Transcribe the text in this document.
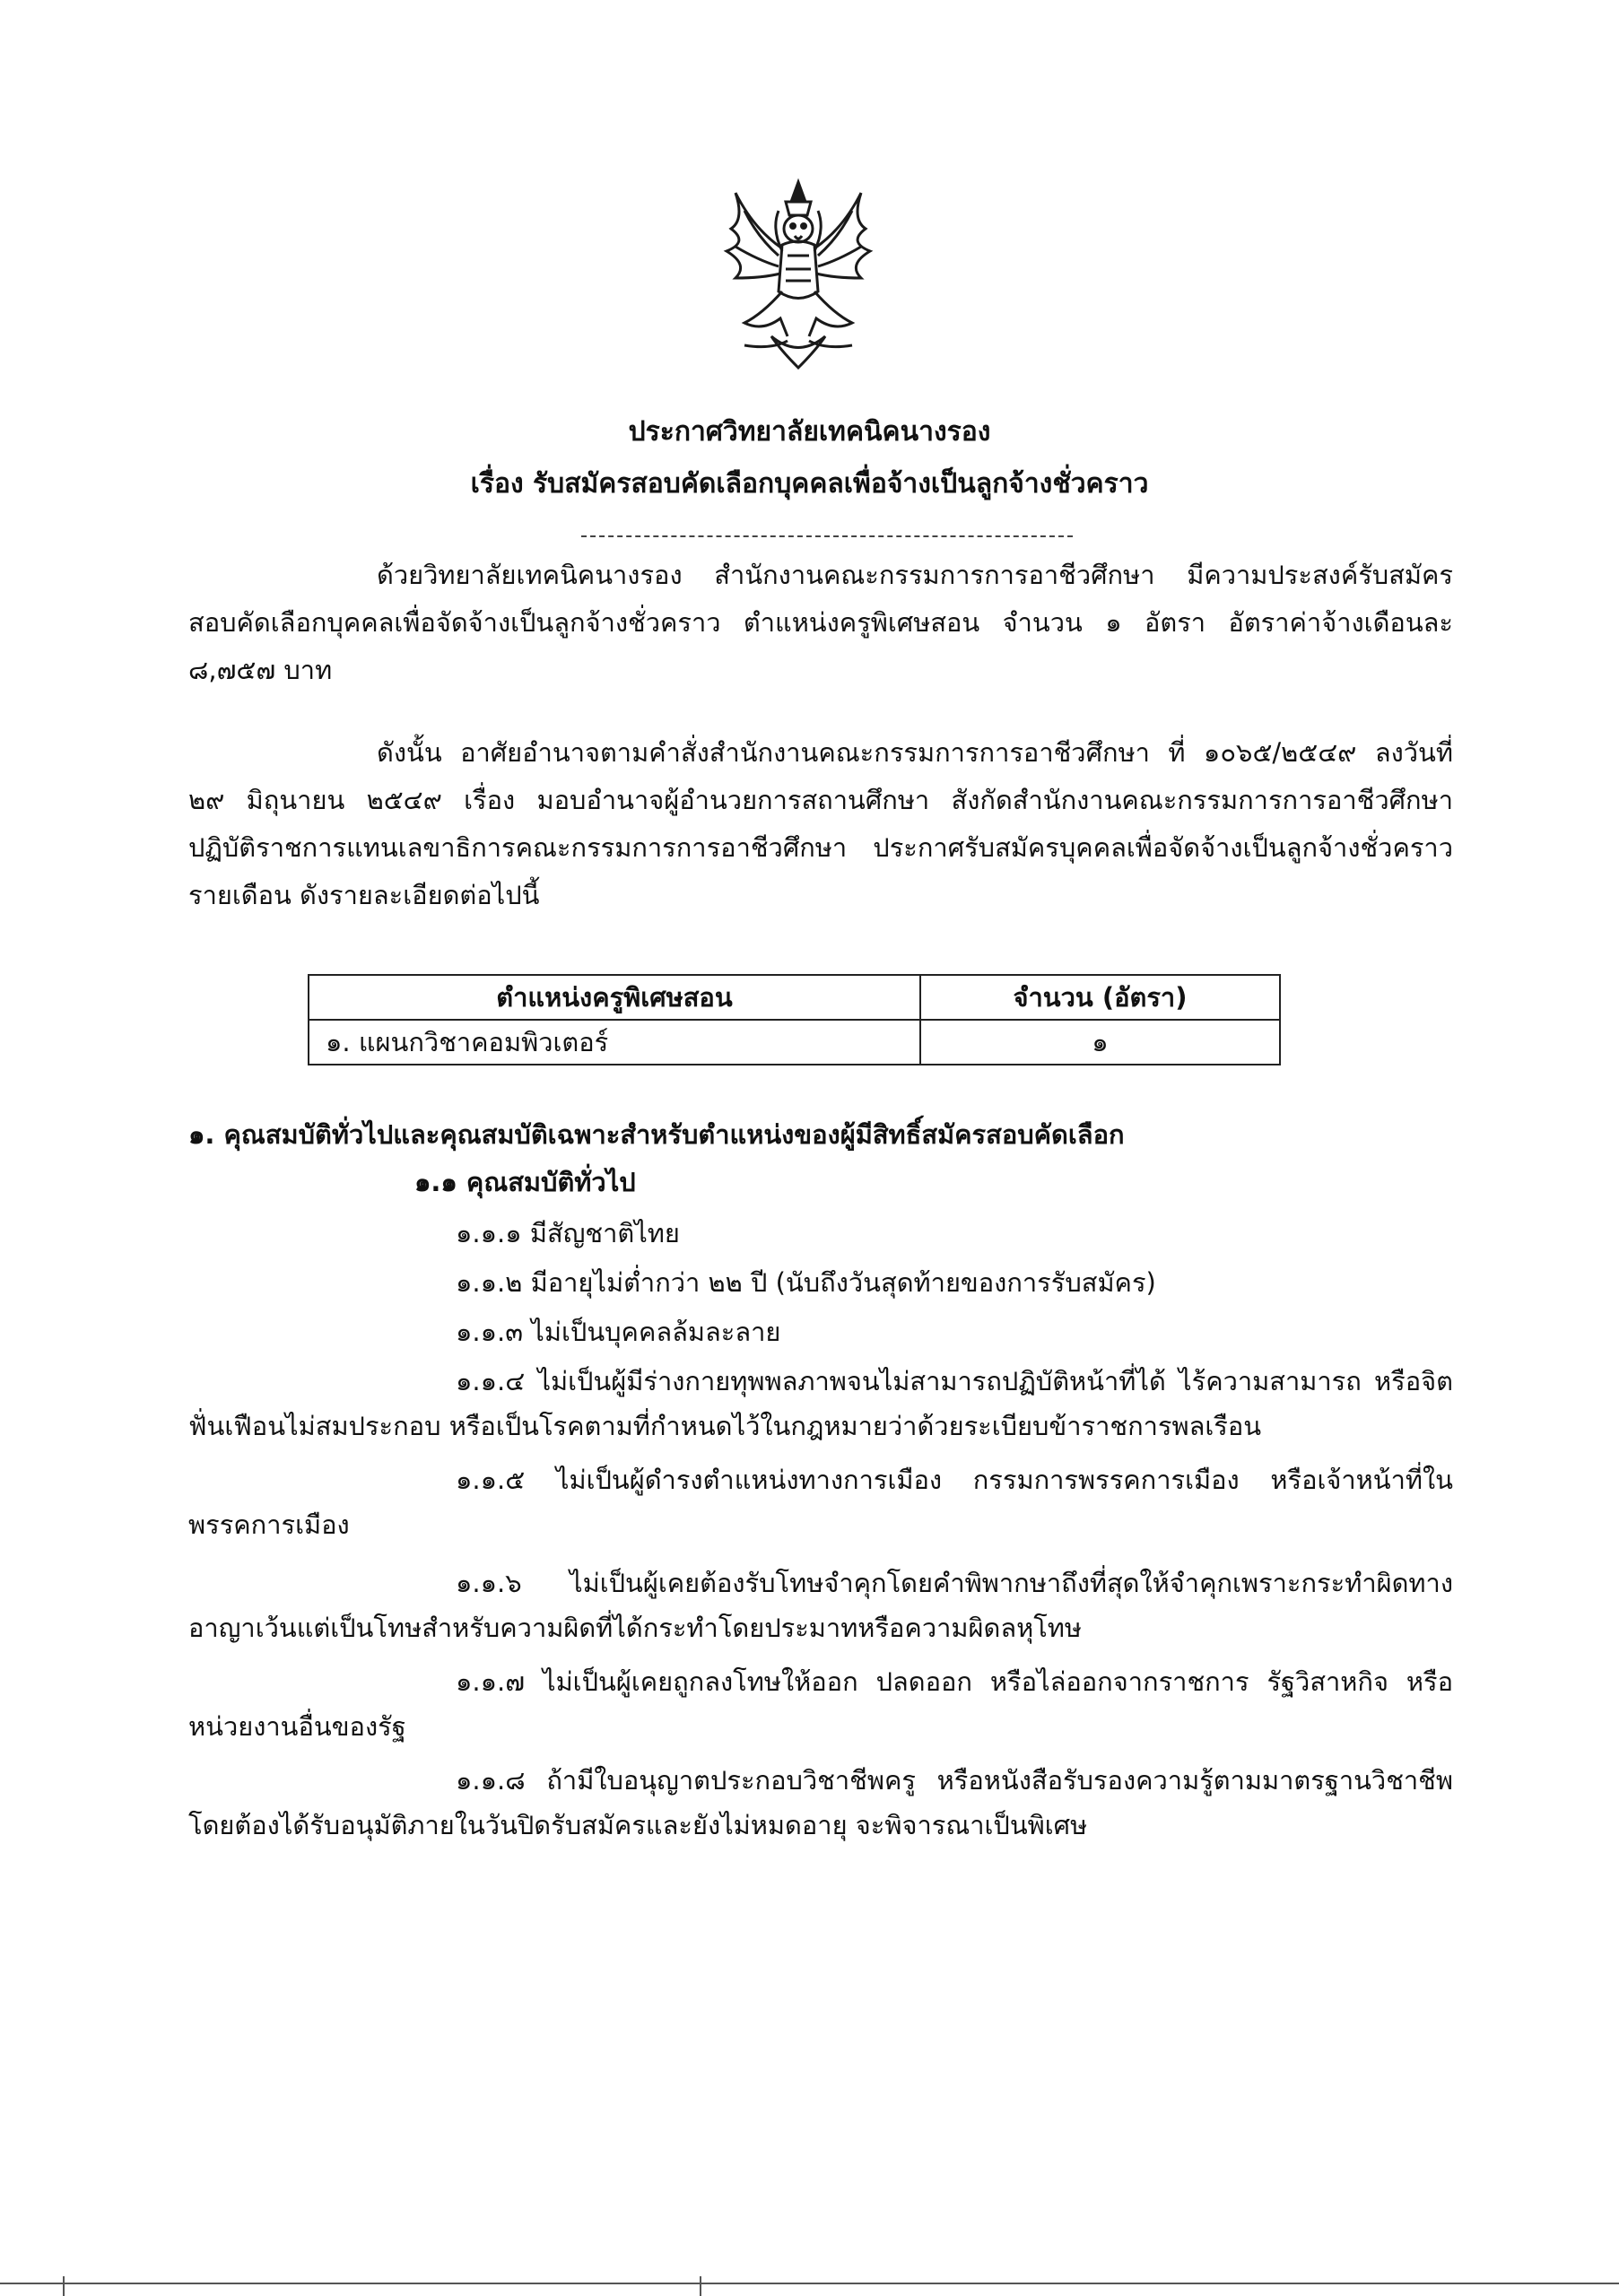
ประกาศวิทยาลัยเทคนิคนางรอง
เรื่อง รับสมัครสอบคัดเลือกบุคคลเพื่อจ้างเป็นลูกจ้างชั่วคราว
ด้วยวิทยาลัยเทคนิคนางรอง สำนักงานคณะกรรมการการอาชีวศึกษา มีความประสงค์รับสมัครสอบคัดเลือกบุคคลเพื่อจัดจ้างเป็นลูกจ้างชั่วคราว ตำแหน่งครูพิเศษสอน จำนวน ๑ อัตรา อัตราค่าจ้างเดือนละ ๘,๗๕๗ บาท
ดังนั้น อาศัยอำนาจตามคำสั่งสำนักงานคณะกรรมการการอาชีวศึกษา ที่ ๑๐๖๕/๒๕๔๙ ลงวันที่ ๒๙ มิถุนายน ๒๕๔๙ เรื่อง มอบอำนาจผู้อำนวยการสถานศึกษา สังกัดสำนักงานคณะกรรมการการอาชีวศึกษา ปฏิบัติราชการแทนเลขาธิการคณะกรรมการการอาชีวศึกษา ประกาศรับสมัครบุคคลเพื่อจัดจ้างเป็นลูกจ้างชั่วคราวรายเดือน ดังรายละเอียดต่อไปนี้
ตำแหน่งครูพิเศษสอน	จำนวน (อัตรา)
๑. แผนกวิชาคอมพิวเตอร์	๑
๑. คุณสมบัติทั่วไปและคุณสมบัติเฉพาะสำหรับตำแหน่งของผู้มีสิทธิ์สมัครสอบคัดเลือก
๑.๑ คุณสมบัติทั่วไป
๑.๑.๑ มีสัญชาติไทย
๑.๑.๒ มีอายุไม่ต่ำกว่า ๒๒ ปี (นับถึงวันสุดท้ายของการรับสมัคร)
๑.๑.๓ ไม่เป็นบุคคลล้มละลาย
๑.๑.๔ ไม่เป็นผู้มีร่างกายทุพพลภาพจนไม่สามารถปฏิบัติหน้าที่ได้ ไร้ความสามารถ หรือจิตฟั่นเฟือนไม่สมประกอบ หรือเป็นโรคตามที่กำหนดไว้ในกฎหมายว่าด้วยระเบียบข้าราชการพลเรือน
๑.๑.๕ ไม่เป็นผู้ดำรงตำแหน่งทางการเมือง กรรมการพรรคการเมือง หรือเจ้าหน้าที่ในพรรคการเมือง
๑.๑.๖ ไม่เป็นผู้เคยต้องรับโทษจำคุกโดยคำพิพากษาถึงที่สุดให้จำคุกเพราะกระทำผิดทางอาญาเว้นแต่เป็นโทษสำหรับความผิดที่ได้กระทำโดยประมาทหรือความผิดลหุโทษ
๑.๑.๗ ไม่เป็นผู้เคยถูกลงโทษให้ออก ปลดออก หรือไล่ออกจากราชการ รัฐวิสาหกิจ หรือหน่วยงานอื่นของรัฐ
๑.๑.๘ ถ้ามีใบอนุญาตประกอบวิชาชีพครู หรือหนังสือรับรองความรู้ตามมาตรฐานวิชาชีพโดยต้องได้รับอนุมัติภายในวันปิดรับสมัครและยังไม่หมดอายุ จะพิจารณาเป็นพิเศษ
